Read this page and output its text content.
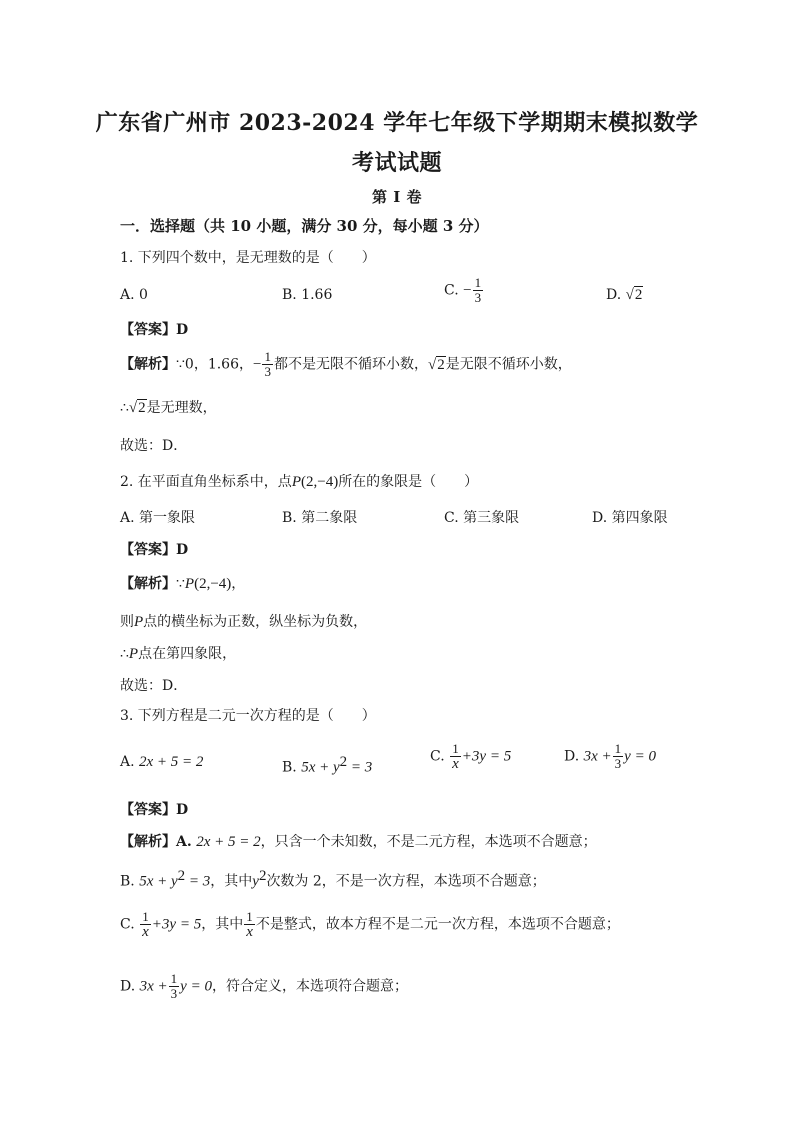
广东省广州市 2023-2024 学年七年级下学期期末模拟数学
考试试题
第 I 卷
一．选择题（共 10 小题，满分 30 分，每小题 3 分）
1. 下列四个数中，是无理数的是（　　）
A. 0	B. 1.66	C. − $\frac{1}{3}$	D. √2
【答案】D
【解析】∵0，1.66，− $\frac{1}{3}$ 都不是无限不循环小数，√2是无限不循环小数，
∴√2是无理数，
故选：D．
2. 在平面直角坐标系中，点P(2,−4)所在的象限是（　　）
A. 第一象限	B. 第二象限	C. 第三象限	D. 第四象限
【答案】D
【解析】∵P(2,−4)，
则P点的横坐标为正数，纵坐标为负数，
∴P点在第四象限，
故选：D．
3. 下列方程是二元一次方程的是（　　）
A. 2x + 5 = 2	B. $5x + y^2 = 3$
C. $\frac{1}{x} +3y = 5$	D. $3x + \frac{1}{3}$ y = 0
【答案】D
【解析】A. 2x + 5 = 2，只含一个未知数，不是二元方程，本选项不合题意；
B. $5x + y^2 = 3$，其中$y^2$次数为 2，不是一次方程，本选项不合题意；
C. $\frac{1}{x} +3y = 5$，其中 $\frac{1}{x}$ 不是整式，故本方程不是二元一次方程，本选项不合题意；
D. $3x + \frac{1}{3}$ y = 0，符合定义，本选项符合题意；
